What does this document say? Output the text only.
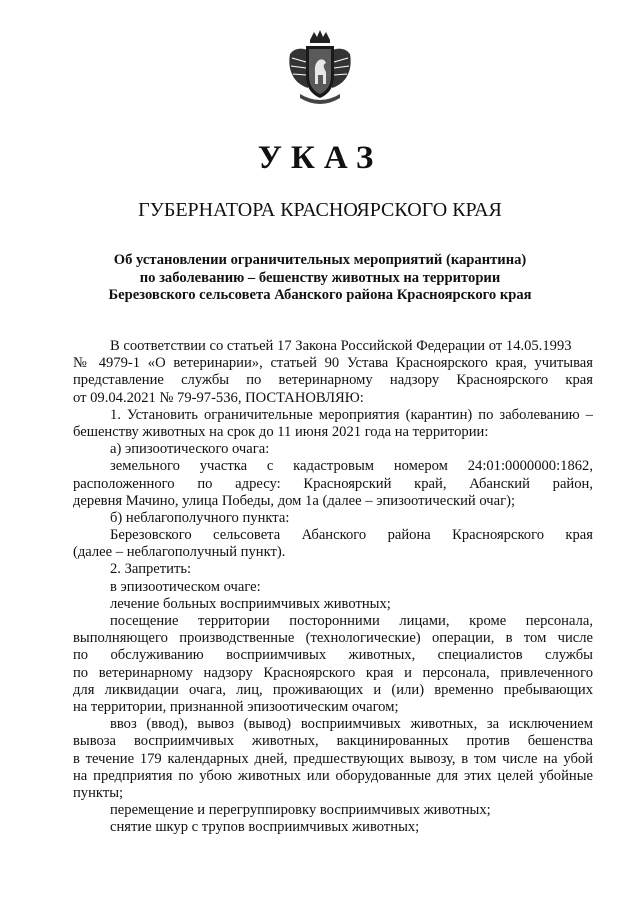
УКАЗ
ГУБЕРНАТОРА КРАСНОЯРСКОГО КРАЯ
Об установлении ограничительных мероприятий (карантина)
по заболеванию – бешенству животных на территории
Березовского сельсовета Абанского района Красноярского края
В соответствии со статьей 17 Закона Российской Федерации от 14.05.1993
№ 4979-1 «О ветеринарии», статьей 90 Устава Красноярского края, учитывая
представление службы по ветеринарному надзору Красноярского края
от 09.04.2021 № 79-97-536, ПОСТАНОВЛЯЮ:
1. Установить ограничительные мероприятия (карантин) по заболеванию –
бешенству животных на срок до 11 июня 2021 года на территории:
а) эпизоотического очага:
земельного участка с кадастровым номером 24:01:0000000:1862,
расположенного по адресу: Красноярский край, Абанский район,
деревня Мачино, улица Победы, дом 1а (далее – эпизоотический очаг);
б) неблагополучного пункта:
Березовского сельсовета Абанского района Красноярского края
(далее – неблагополучный пункт).
2. Запретить:
в эпизоотическом очаге:
лечение больных восприимчивых животных;
посещение территории посторонними лицами, кроме персонала,
выполняющего производственные (технологические) операции, в том числе
по обслуживанию восприимчивых животных, специалистов службы
по ветеринарному надзору Красноярского края и персонала, привлеченного
для ликвидации очага, лиц, проживающих и (или) временно пребывающих
на территории, признанной эпизоотическим очагом;
ввоз (ввод), вывоз (вывод) восприимчивых животных, за исключением
вывоза восприимчивых животных, вакцинированных против бешенства
в течение 179 календарных дней, предшествующих вывозу, в том числе на убой
на предприятия по убою животных или оборудованные для этих целей убойные
пункты;
перемещение и перегруппировку восприимчивых животных;
снятие шкур с трупов восприимчивых животных;
